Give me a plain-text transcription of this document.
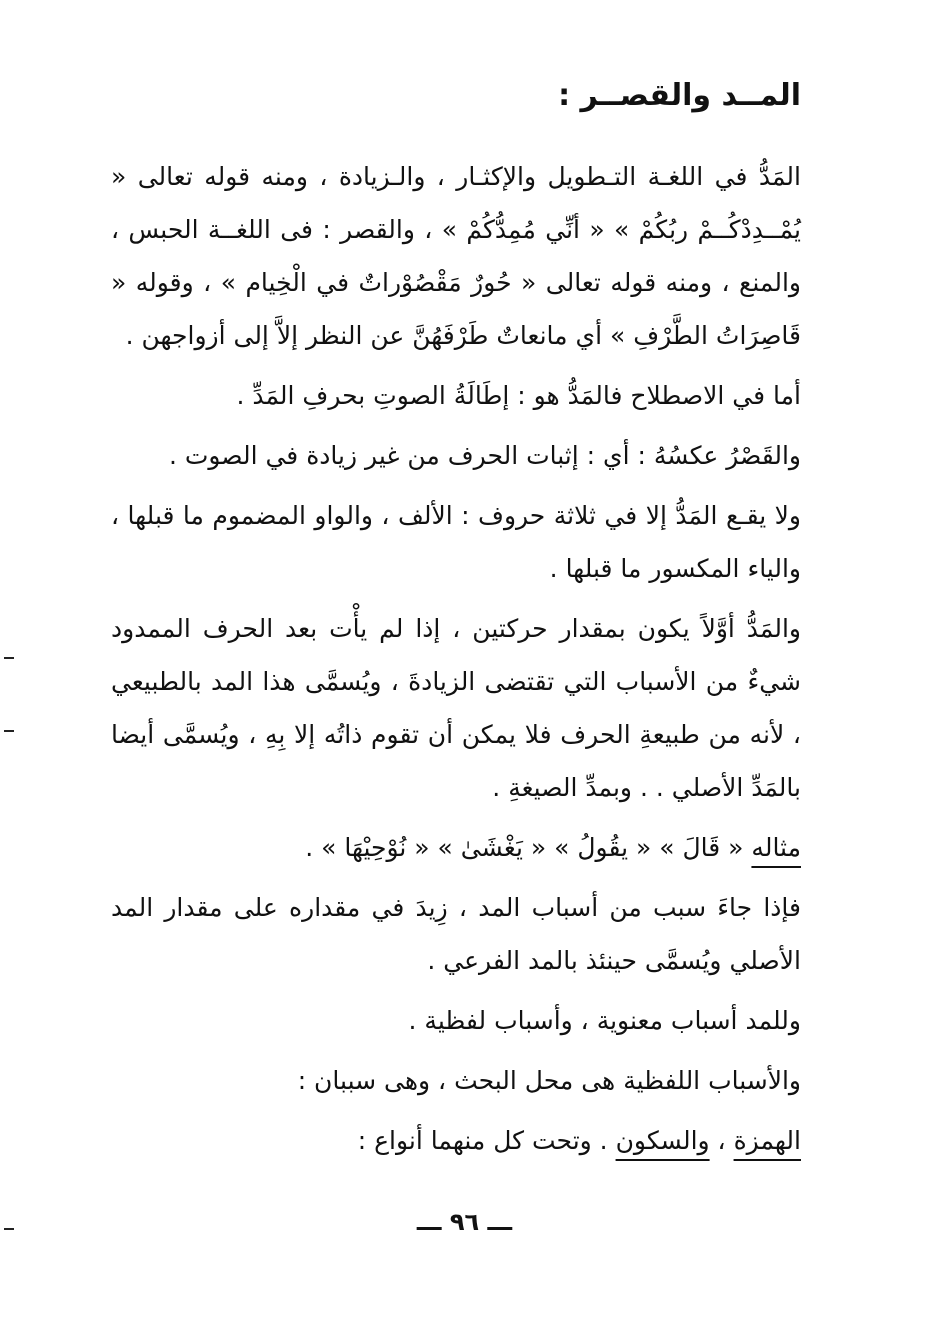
المــد والقصــر :

المَدُّ في اللغـة التـطويل والإكثـار ، والـزيادة ، ومنه قوله تعالى « يُمْــدِدْكُــمْ ربُكُمْ » « أنِّي مُمِدُّكُمْ » ، والقصر : فى اللغــة الحبس ، والمنع ، ومنه قوله تعالى « حُورٌ مَقْصُوْراتٌ في الْخِيام » ، وقوله « قَاصِرَاتُ الطَّرْفِ » أي مانعاتٌ طَرْفَهُنَّ عن النظر إلاَّ إلى أزواجهن .

أما في الاصطلاح فالمَدُّ هو : إطَالَةُ الصوتِ بحرفِ المَدِّ .

والقَصْرُ عكسُهُ : أي : إثبات الحرف من غير زيادة في الصوت .

ولا يقـع المَدُّ إلا في ثلاثة حروف : الألف ، والواو المضموم ما قبلها ، والياء المكسور ما قبلها .

والمَدُّ أوَّلاً يكون بمقدار حركتين ، إذا لم يأْت بعد الحرف الممدود شيءٌ من الأسباب التي تقتضى الزيادةَ ، ويُسمَّى هذا المد بالطبيعي ، لأنه من طبيعةِ الحرف فلا يمكن أن تقوم ذاتُه إلا بِهِ ، ويُسمَّى أيضا بالمَدِّ الأصلي . . وبمدِّ الصيغةِ .

مثاله « قَالَ » « يقُولُ » « يَغْشَىٰ » « نُوْحِيْهَا » .

فإذا جاءَ سبب من أسباب المد ، زِيدَ في مقداره على مقدار المد الأصلي ويُسمَّى حينئذ بالمد الفرعي .

وللمد أسباب معنوية ، وأسباب لفظية .

والأسباب اللفظية هى محل البحث ، وهى سببان :

الهمزة ، والسكون . وتحت كل منهما أنواع :

ـــ ٩٦ ـــ
